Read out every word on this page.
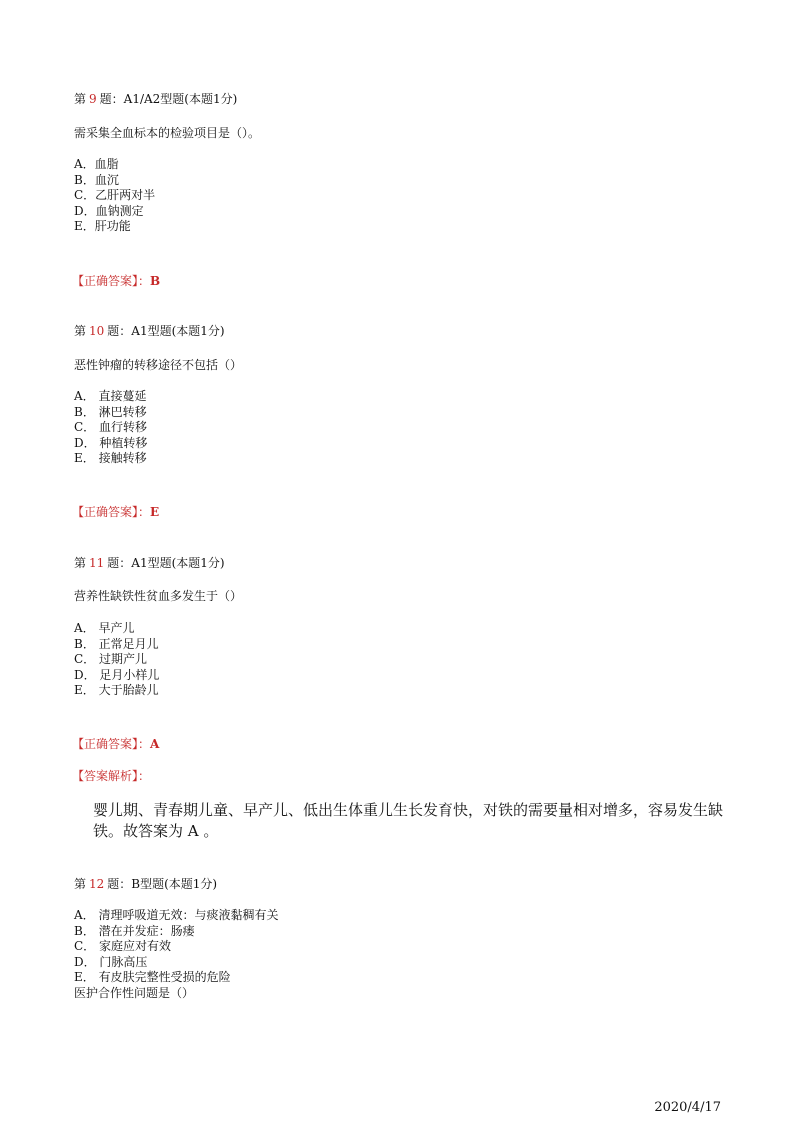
第 9 题：A1/A2型题(本题1分)
需采集全血标本的检验项目是（）。
A．血脂
B．血沉
C．乙肝两对半
D．血钠测定
E．肝功能
【正确答案】：B
第 10 题：A1型题(本题1分)
恶性钟瘤的转移途径不包括（）
A． 直接蔓延
B． 淋巴转移
C． 血行转移
D． 种植转移
E． 接触转移
【正确答案】：E
第 11 题：A1型题(本题1分)
营养性缺铁性贫血多发生于（）
A． 早产儿
B． 正常足月儿
C． 过期产儿
D． 足月小样儿
E． 大于胎龄儿
【正确答案】：A
【答案解析】：
婴儿期、青春期儿童、早产儿、低出生体重儿生长发育快，对铁的需要量相对增多，容易发生缺铁。故答案为 A 。
第 12 题：B型题(本题1分)
A． 清理呼吸道无效：与痰液黏稠有关
B． 潜在并发症：肠瘘
C． 家庭应对有效
D． 门脉高压
E． 有皮肤完整性受损的危险
医护合作性问题是（）
2020/4/17
